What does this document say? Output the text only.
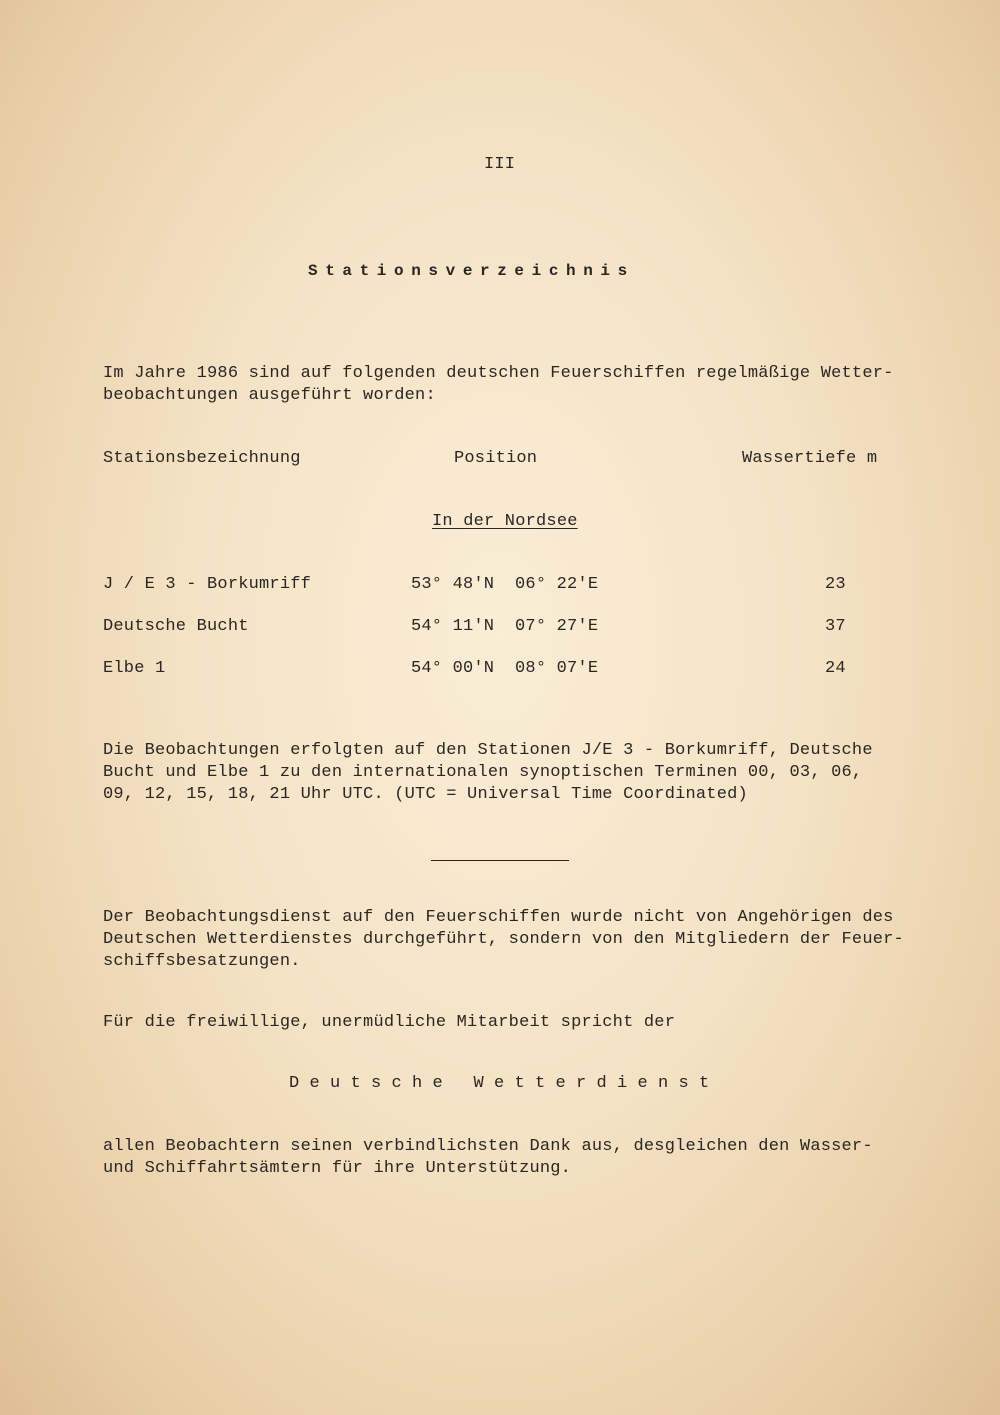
III
Stationsverzeichnis
Im Jahre 1986 sind auf folgenden deutschen Feuerschiffen regelmäßige Wetter-
beobachtungen ausgeführt worden:
Stationsbezeichnung	Position	Wassertiefe m
In der Nordsee
J / E 3 - Borkumriff	53° 48'N  06° 22'E	23
Deutsche Bucht	54° 11'N  07° 27'E	37
Elbe 1	54° 00'N  08° 07'E	24
Die Beobachtungen erfolgten auf den Stationen J/E 3 - Borkumriff, Deutsche
Bucht und Elbe 1 zu den internationalen synoptischen Terminen 00, 03, 06,
09, 12, 15, 18, 21 Uhr UTC. (UTC = Universal Time Coordinated)
Der Beobachtungsdienst auf den Feuerschiffen wurde nicht von Angehörigen des
Deutschen Wetterdienstes durchgeführt, sondern von den Mitgliedern der Feuer-
schiffsbesatzungen.
Für die freiwillige, unermüdliche Mitarbeit spricht der
Deutsche Wetterdienst
allen Beobachtern seinen verbindlichsten Dank aus, desgleichen den Wasser-
und Schiffahrtsämtern für ihre Unterstützung.
